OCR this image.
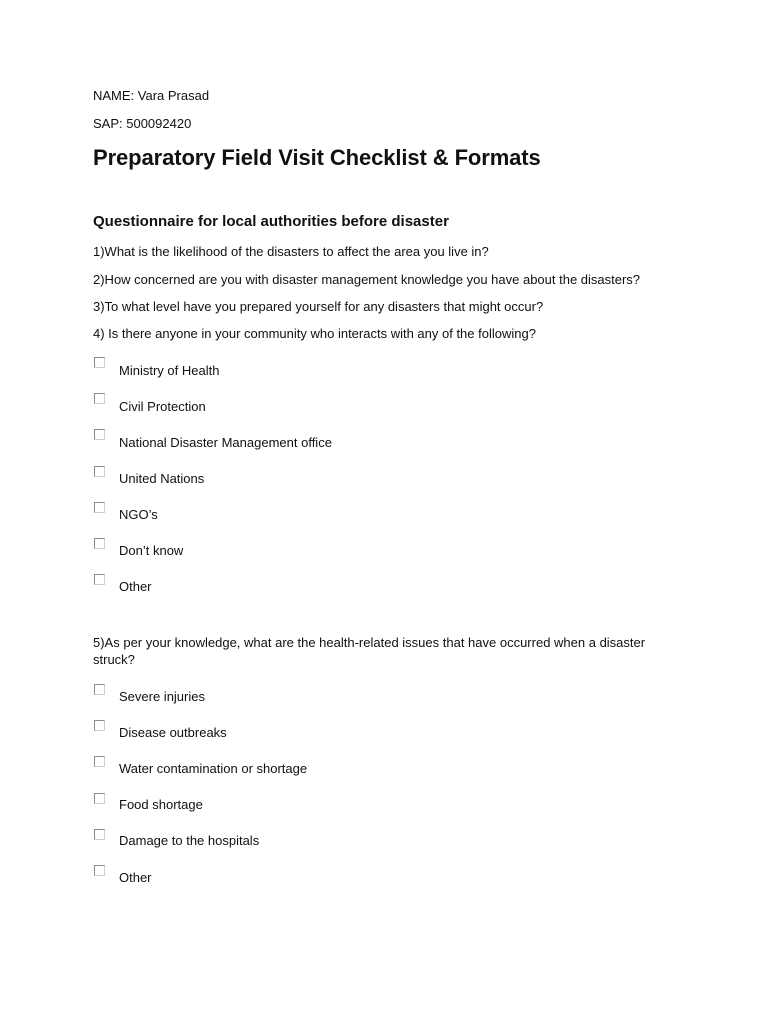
NAME: Vara Prasad
SAP: 500092420
Preparatory Field Visit Checklist & Formats
Questionnaire for local authorities before disaster
1)What is the likelihood of the disasters to affect the area you live in?
2)How concerned are you with disaster management knowledge you have about the disasters?
3)To what level have you prepared yourself for any disasters that might occur?
4) Is there anyone in your community who interacts with any of the following?
Ministry of Health
Civil Protection
National Disaster Management office
United Nations
NGO’s
Don’t know
Other
5)As per your knowledge, what are the health-related issues that have occurred when a disaster struck?
Severe injuries
Disease outbreaks
Water contamination or shortage
Food shortage
Damage to the hospitals
Other
